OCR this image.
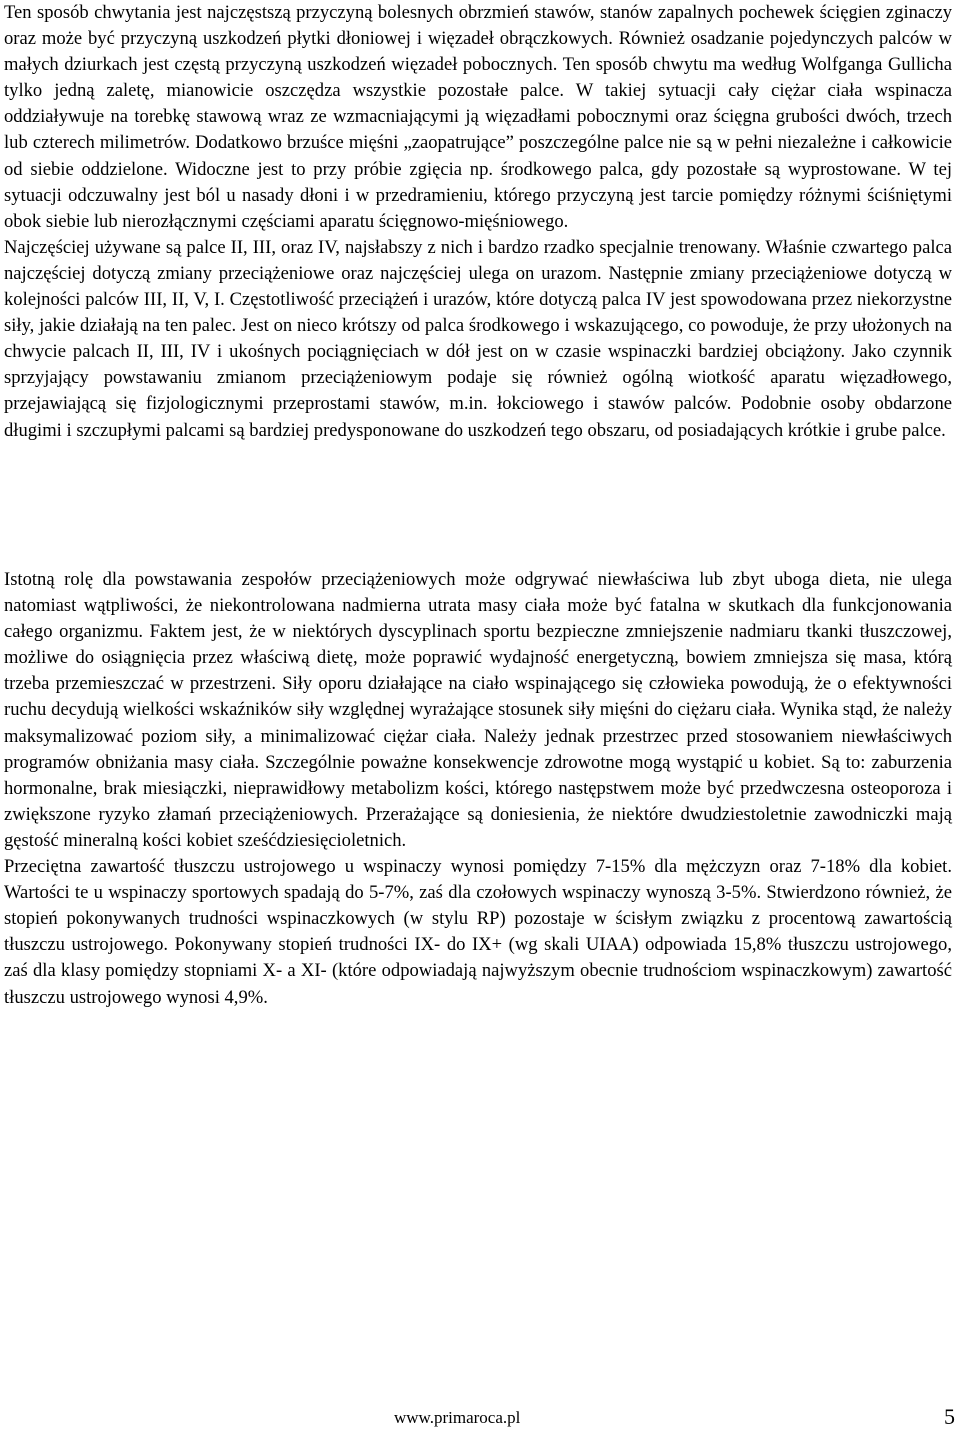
Ten sposób chwytania jest najczęstszą przyczyną bolesnych obrzmień stawów, stanów zapalnych pochewek ścięgien zginaczy oraz może być przyczyną uszkodzeń płytki dłoniowej i więzadeł obrączkowych. Również osadzanie pojedynczych palców w małych dziurkach jest częstą przyczyną uszkodzeń więzadeł pobocznych. Ten sposób chwytu ma według Wolfganga Gullicha tylko jedną zaletę, mianowicie oszczędza wszystkie pozostałe palce. W takiej sytuacji cały ciężar ciała wspinacza oddziaływuje na torebkę stawową wraz ze wzmacniającymi ją więzadłami pobocznymi oraz ścięgna grubości dwóch, trzech lub czterech milimetrów. Dodatkowo brzuśce mięśni „zaopatrujące” poszczególne palce nie są w pełni niezależne i całkowicie od siebie oddzielone. Widoczne jest to przy próbie zgięcia np. środkowego palca, gdy pozostałe są wyprostowane. W tej sytuacji odczuwalny jest ból u nasady dłoni i w przedramieniu, którego przyczyną jest tarcie pomiędzy różnymi ściśniętymi obok siebie lub nierozłącznymi częściami aparatu ścięgnowo-mięśniowego.

Najczęściej używane są palce II, III, oraz IV, najsłabszy z nich i bardzo rzadko specjalnie trenowany. Właśnie czwartego palca najczęściej dotyczą zmiany przeciążeniowe oraz najczęściej ulega on urazom. Następnie zmiany przeciążeniowe dotyczą w kolejności palców III, II, V, I. Częstotliwość przeciążeń i urazów, które dotyczą palca IV jest spowodowana przez niekorzystne siły, jakie działają na ten palec. Jest on nieco krótszy od palca środkowego i wskazującego, co powoduje, że przy ułożonych na chwycie palcach II, III, IV i ukośnych pociągnięciach w dół jest on w czasie wspinaczki bardziej obciążony. Jako czynnik sprzyjający powstawaniu zmianom przeciążeniowym podaje się również ogólną wiotkość aparatu więzadłowego, przejawiającą się fizjologicznymi przeprostami stawów, m.in. łokciowego i stawów palców. Podobnie osoby obdarzone długimi i szczupłymi palcami są bardziej predysponowane do uszkodzeń tego obszaru, od posiadających krótkie i grube palce.

Istotną rolę dla powstawania zespołów przeciążeniowych może odgrywać niewłaściwa lub zbyt uboga dieta, nie ulega natomiast wątpliwości, że niekontrolowana nadmierna utrata masy ciała może być fatalna w skutkach dla funkcjonowania całego organizmu. Faktem jest, że w niektórych dyscyplinach sportu bezpieczne zmniejszenie nadmiaru tkanki tłuszczowej, możliwe do osiągnięcia przez właściwą dietę, może poprawić wydajność energetyczną, bowiem zmniejsza się masa, którą trzeba przemieszczać w przestrzeni. Siły oporu działające na ciało wspinającego się człowieka powodują, że o efektywności ruchu decydują wielkości wskaźników siły względnej wyrażające stosunek siły mięśni do ciężaru ciała. Wynika stąd, że należy maksymalizować poziom siły, a minimalizować ciężar ciała. Należy jednak przestrzec przed stosowaniem niewłaściwych programów obniżania masy ciała. Szczególnie poważne konsekwencje zdrowotne mogą wystąpić u kobiet. Są to: zaburzenia hormonalne, brak miesiączki, nieprawidłowy metabolizm kości, którego następstwem może być przedwczesna osteoporoza i zwiększone ryzyko złamań przeciążeniowych. Przerażające są doniesienia, że niektóre dwudziestoletnie zawodniczki mają gęstość mineralną kości kobiet sześćdziesięcioletnich.

Przeciętna zawartość tłuszczu ustrojowego u wspinaczy wynosi pomiędzy 7-15% dla mężczyzn oraz 7-18% dla kobiet. Wartości te u wspinaczy sportowych spadają do 5-7%, zaś dla czołowych wspinaczy wynoszą 3-5%. Stwierdzono również, że stopień pokonywanych trudności wspinaczkowych (w stylu RP) pozostaje w ścisłym związku z procentową zawartością tłuszczu ustrojowego. Pokonywany stopień trudności IX- do IX+ (wg skali UIAA) odpowiada 15,8% tłuszczu ustrojowego, zaś dla klasy pomiędzy stopniami X- a XI- (które odpowiadają najwyższym obecnie trudnościom wspinaczkowym) zawartość tłuszczu ustrojowego wynosi 4,9%.

www.primaroca.pl	5
